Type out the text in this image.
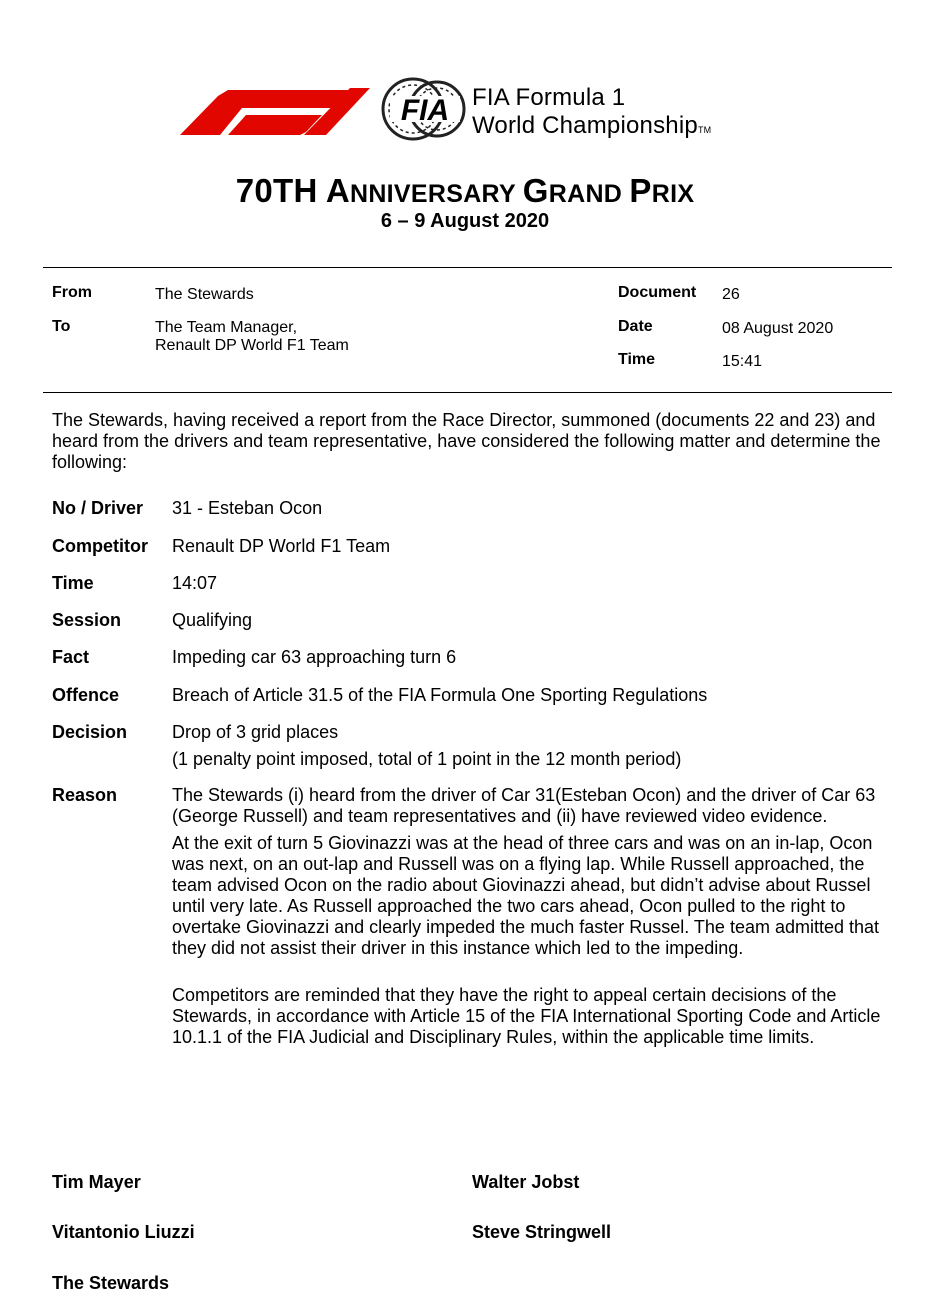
FIA FIA Formula 1
World ChampionshipTM
70TH ANNIVERSARY GRAND PRIX
6 – 9 August 2020
From	The Stewards
To	The Team Manager,
Renault DP World F1 Team
Document 26
Date	08 August 2020
Time	15:41
The Stewards, having received a report from the Race Director, summoned (documents 22 and 23) and heard from the drivers and team representative, have considered the following matter and determine the following:
No / Driver 31 - Esteban Ocon
Competitor Renault DP World F1 Team
Time	14:07
Session	Qualifying
Fact	Impeding car 63 approaching turn 6
Offence	Breach of Article 31.5 of the FIA Formula One Sporting Regulations
Decision Drop of 3 grid places
(1 penalty point imposed, total of 1 point in the 12 month period)
Reason	The Stewards (i) heard from the driver of Car 31(Esteban Ocon) and the driver of Car 63 (George Russell) and team representatives and (ii) have reviewed video evidence.
At the exit of turn 5 Giovinazzi was at the head of three cars and was on an in-lap, Ocon was next, on an out-lap and Russell was on a flying lap. While Russell approached, the team advised Ocon on the radio about Giovinazzi ahead, but didn’t advise about Russel until very late. As Russell approached the two cars ahead, Ocon pulled to the right to overtake Giovinazzi and clearly impeded the much faster Russel. The team admitted that they did not assist their driver in this instance which led to the impeding.
Competitors are reminded that they have the right to appeal certain decisions of the Stewards, in accordance with Article 15 of the FIA International Sporting Code and Article 10.1.1 of the FIA Judicial and Disciplinary Rules, within the applicable time limits.
Tim Mayer	Walter Jobst
Vitantonio Liuzzi	Steve Stringwell
The Stewards
